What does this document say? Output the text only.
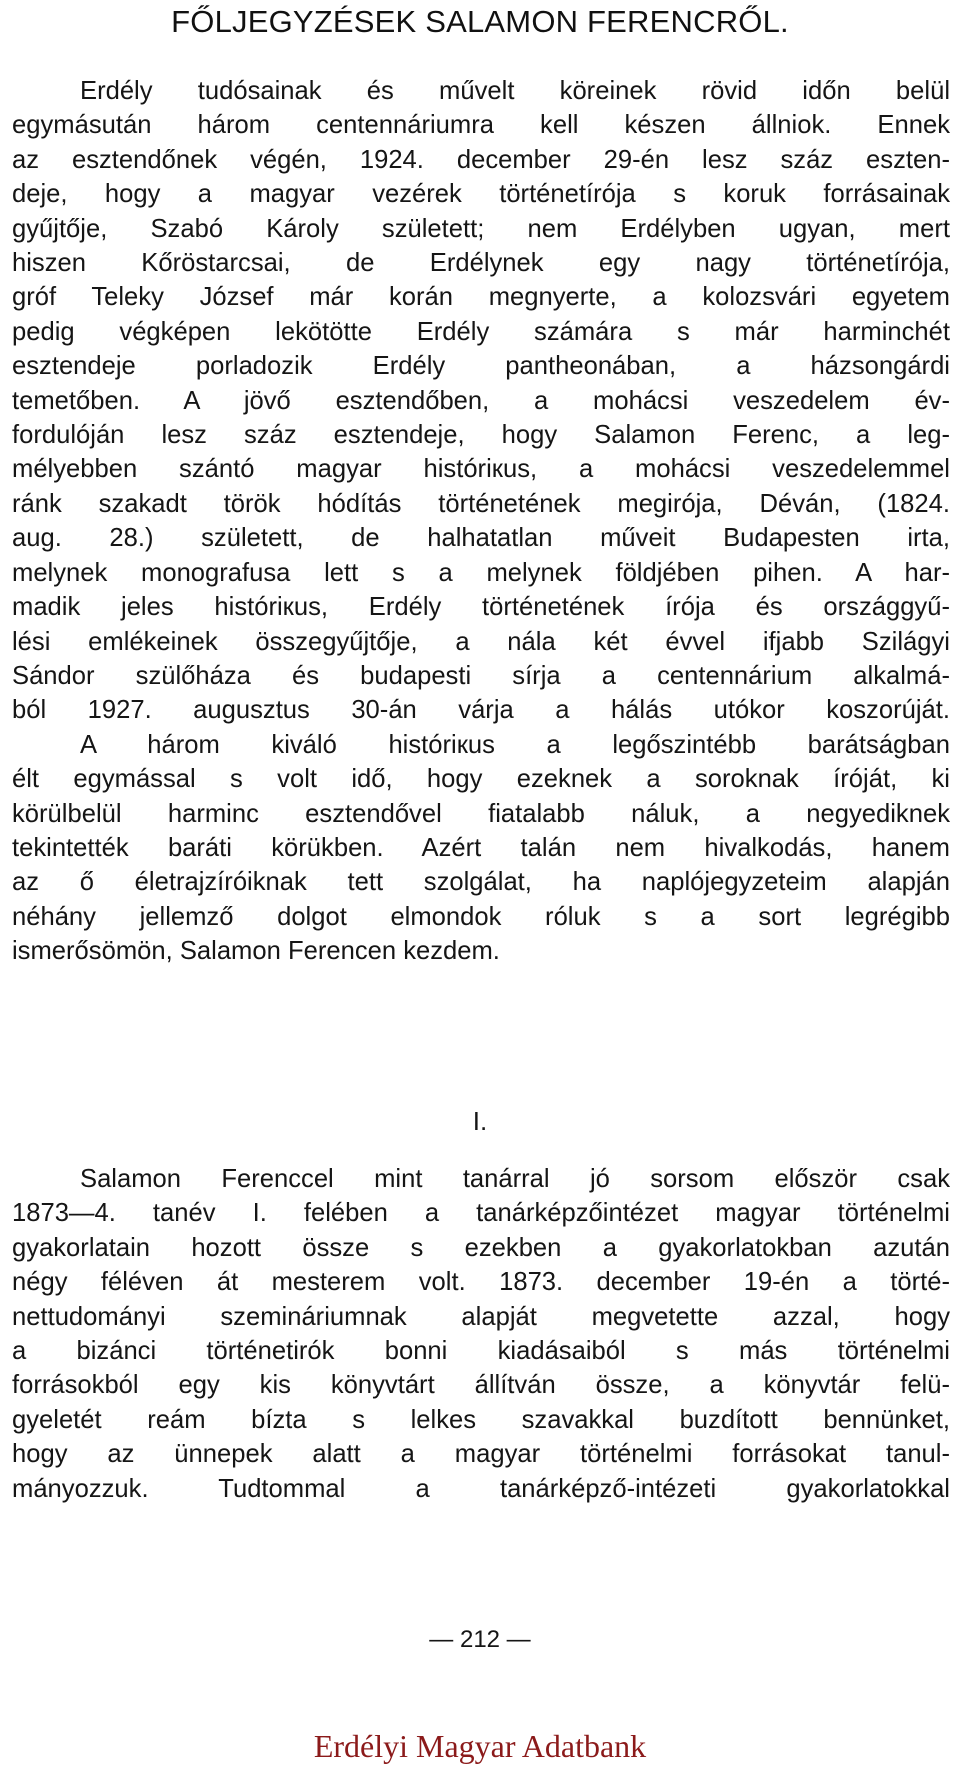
FŐLJEGYZÉSEK SALAMON FERENCRŐL.
Erdély tudósainak és művelt köreinek rövid időn belül
egymásután három centennáriumra kell készen állniok. Ennek
az esztendőnek végén, 1924. december 29-én lesz száz eszten-
deje, hogy a magyar vezérek történetírója s koruk forrásainak
gyűjtője, Szabó Károly született; nem Erdélyben ugyan, mert
hiszen Kőröstarcsai, de Erdélynek egy nagy történetírója,
gróf Teleky József már korán megnyerte, a kolozsvári egyetem
pedig végképen lekötötte Erdély számára s már harminchét
esztendeje porladozik Erdély pantheonában, a házsongárdi
temetőben. A jövő esztendőben, a mohácsi veszedelem év-
fordulóján lesz száz esztendeje, hogy Salamon Ferenc, a leg-
mélyebben szántó magyar históriкus, a mohácsi veszedelemmel
ránk szakadt török hódítás történetének megirója, Déván, (1824.
aug. 28.) született, de halhatatlan műveit Budapesten irta,
melynek monografusa lett s a melynek földjében pihen. A har-
madik jeles históriкus, Erdély történetének írója és országgyű-
lési emlékeinek összegyűjtője, a nála két évvel ifjabb Szilágyi
Sándor szülőháza és budapesti sírja a centennárium alkalmá-
ból 1927. augusztus 30-án várja a hálás utókor koszorúját.
A három kiváló históriкus a legőszintébb barátságban
élt egymással s volt idő, hogy ezeknek a soroknak íróját, ki
körülbelül harminc esztendővel fiatalabb náluk, a negyediknek
tekintették baráti körükben. Azért talán nem hivalkodás, hanem
az ő életrajzíróiknak tett szolgálat, ha naplójegyzeteim alapján
néhány jellemző dolgot elmondok róluk s a sort legrégibb
ismerősömön, Salamon Ferencen kezdem.
I.
Salamon Ferenccel mint tanárral jó sorsom először csak
1873—4. tanév I. felében a tanárképzőintézet magyar történelmi
gyakorlatain hozott össze s ezekben a gyakorlatokban azután
négy féléven át mesterem volt. 1873. december 19-én a törté-
nettudományi szemináriumnak alapját megvetette azzal, hogy
a bizánci történetirók bonni kiadásaiból s más történelmi
forrásokból egy kis könyvtárt állítván össze, a könyvtár felü-
gyeletét reám bízta s lelkes szavakkal buzdított bennünket,
hogy az ünnepek alatt a magyar történelmi forrásokat tanul-
mányozzuk. Tudtommal a tanárképző-intézeti gyakorlatokkal
— 212 —
Erdélyi Magyar Adatbank
